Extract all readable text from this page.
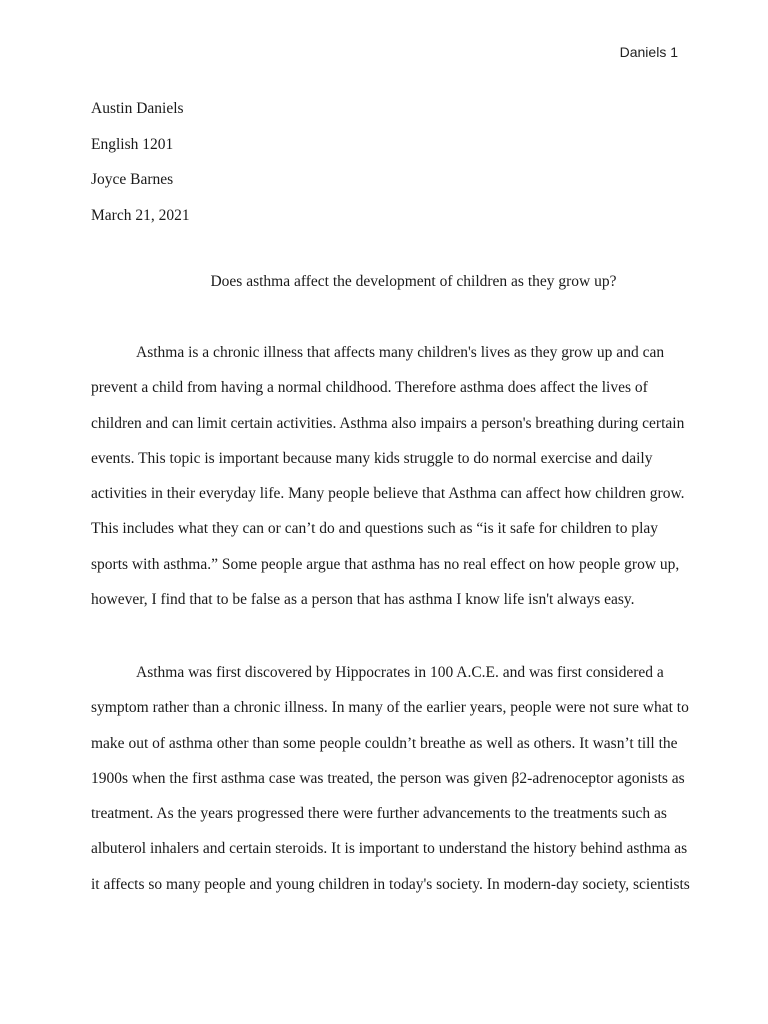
Daniels 1
Austin Daniels
English 1201
Joyce Barnes
March 21, 2021
Does asthma affect the development of children as they grow up?
Asthma is a chronic illness that affects many children's lives as they grow up and can
prevent a child from having a normal childhood. Therefore asthma does affect the lives of
children and can limit certain activities. Asthma also impairs a person's breathing during certain
events. This topic is important because many kids struggle to do normal exercise and daily
activities in their everyday life. Many people believe that Asthma can affect how children grow.
This includes what they can or can’t do and questions such as “is it safe for children to play
sports with asthma.” Some people argue that asthma has no real effect on how people grow up,
however, I find that to be false as a person that has asthma I know life isn't always easy.
Asthma was first discovered by Hippocrates in 100 A.C.E. and was first considered a
symptom rather than a chronic illness. In many of the earlier years, people were not sure what to
make out of asthma other than some people couldn’t breathe as well as others. It wasn’t till the
1900s when the first asthma case was treated, the person was given β2-adrenoceptor agonists as
treatment. As the years progressed there were further advancements to the treatments such as
albuterol inhalers and certain steroids. It is important to understand the history behind asthma as
it affects so many people and young children in today's society. In modern-day society, scientists
